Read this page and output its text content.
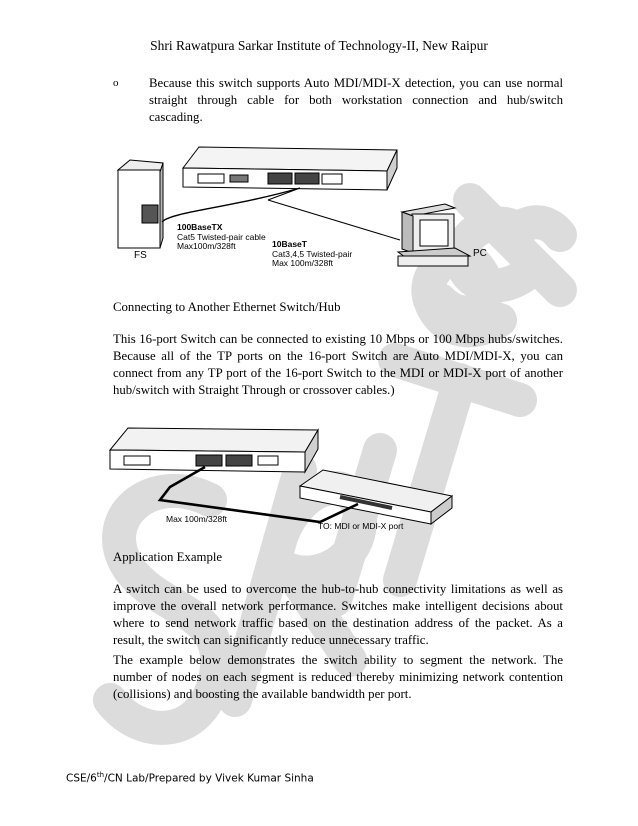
Shri Rawatpura Sarkar Institute of Technology-II, New Raipur
o Because this switch supports Auto MDI/MDI-X detection, you can use normal straight through cable for both workstation connection and hub/switch cascading.
FS	PC
100BaseTX
Cat5 Twisted-pair cable
Max100m/328ft	10BaseT
Cat3,4,5 Twisted-pair
Max 100m/328ft
Connecting to Another Ethernet Switch/Hub
This 16-port Switch can be connected to existing 10 Mbps or 100 Mbps hubs/switches. Because all of the TP ports on the 16-port Switch are Auto MDI/MDI-X, you can connect from any TP port of the 16-port Switch to the MDI or MDI-X port of another hub/switch with Straight Through or crossover cables.)
Max 100m/328ft
TO: MDI or MDI-X port
Application Example
A switch can be used to overcome the hub-to-hub connectivity limitations as well as improve the overall network performance. Switches make intelligent decisions about where to send network traffic based on the destination address of the packet. As a result, the switch can significantly reduce unnecessary traffic.
The example below demonstrates the switch ability to segment the network. The number of nodes on each segment is reduced thereby minimizing network contention (collisions) and boosting the available bandwidth per port.
CSE/6th/CN Lab/Prepared by Vivek Kumar Sinha
